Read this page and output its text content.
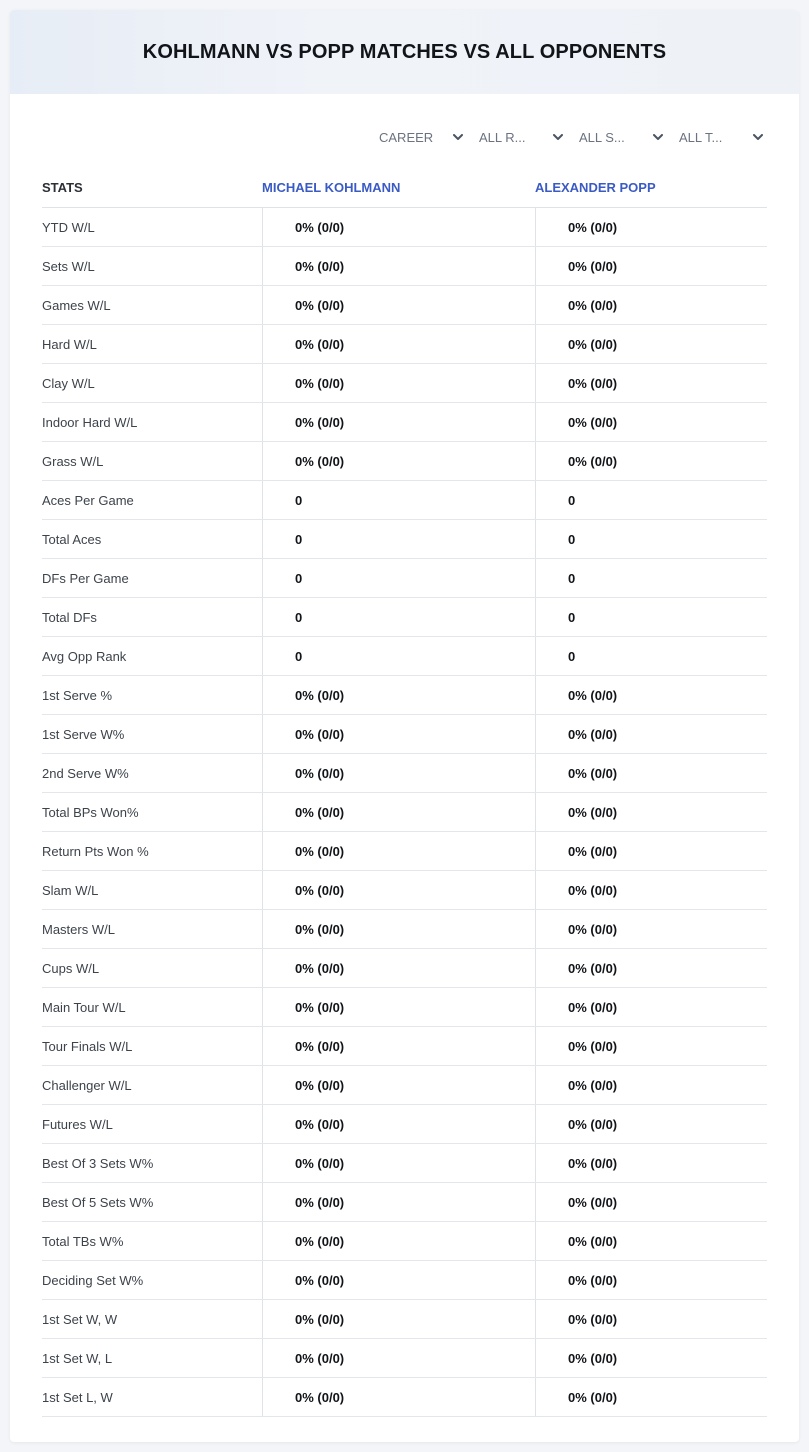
KOHLMANN VS POPP MATCHES VS ALL OPPONENTS
CAREER	ALL R...	ALL S...	ALL T...
STATS	MICHAEL KOHLMANN	ALEXANDER POPP
YTD W/L	0% (0/0)	0% (0/0)
Sets W/L	0% (0/0)	0% (0/0)
Games W/L	0% (0/0)	0% (0/0)
Hard W/L	0% (0/0)	0% (0/0)
Clay W/L	0% (0/0)	0% (0/0)
Indoor Hard W/L	0% (0/0)	0% (0/0)
Grass W/L	0% (0/0)	0% (0/0)
Aces Per Game	0	0
Total Aces	0	0
DFs Per Game	0	0
Total DFs	0	0
Avg Opp Rank	0	0
1st Serve %	0% (0/0)	0% (0/0)
1st Serve W%	0% (0/0)	0% (0/0)
2nd Serve W%	0% (0/0)	0% (0/0)
Total BPs Won%	0% (0/0)	0% (0/0)
Return Pts Won %	0% (0/0)	0% (0/0)
Slam W/L	0% (0/0)	0% (0/0)
Masters W/L	0% (0/0)	0% (0/0)
Cups W/L	0% (0/0)	0% (0/0)
Main Tour W/L	0% (0/0)	0% (0/0)
Tour Finals W/L	0% (0/0)	0% (0/0)
Challenger W/L	0% (0/0)	0% (0/0)
Futures W/L	0% (0/0)	0% (0/0)
Best Of 3 Sets W%	0% (0/0)	0% (0/0)
Best Of 5 Sets W%	0% (0/0)	0% (0/0)
Total TBs W%	0% (0/0)	0% (0/0)
Deciding Set W%	0% (0/0)	0% (0/0)
1st Set W, W	0% (0/0)	0% (0/0)
1st Set W, L	0% (0/0)	0% (0/0)
1st Set L, W	0% (0/0)	0% (0/0)
